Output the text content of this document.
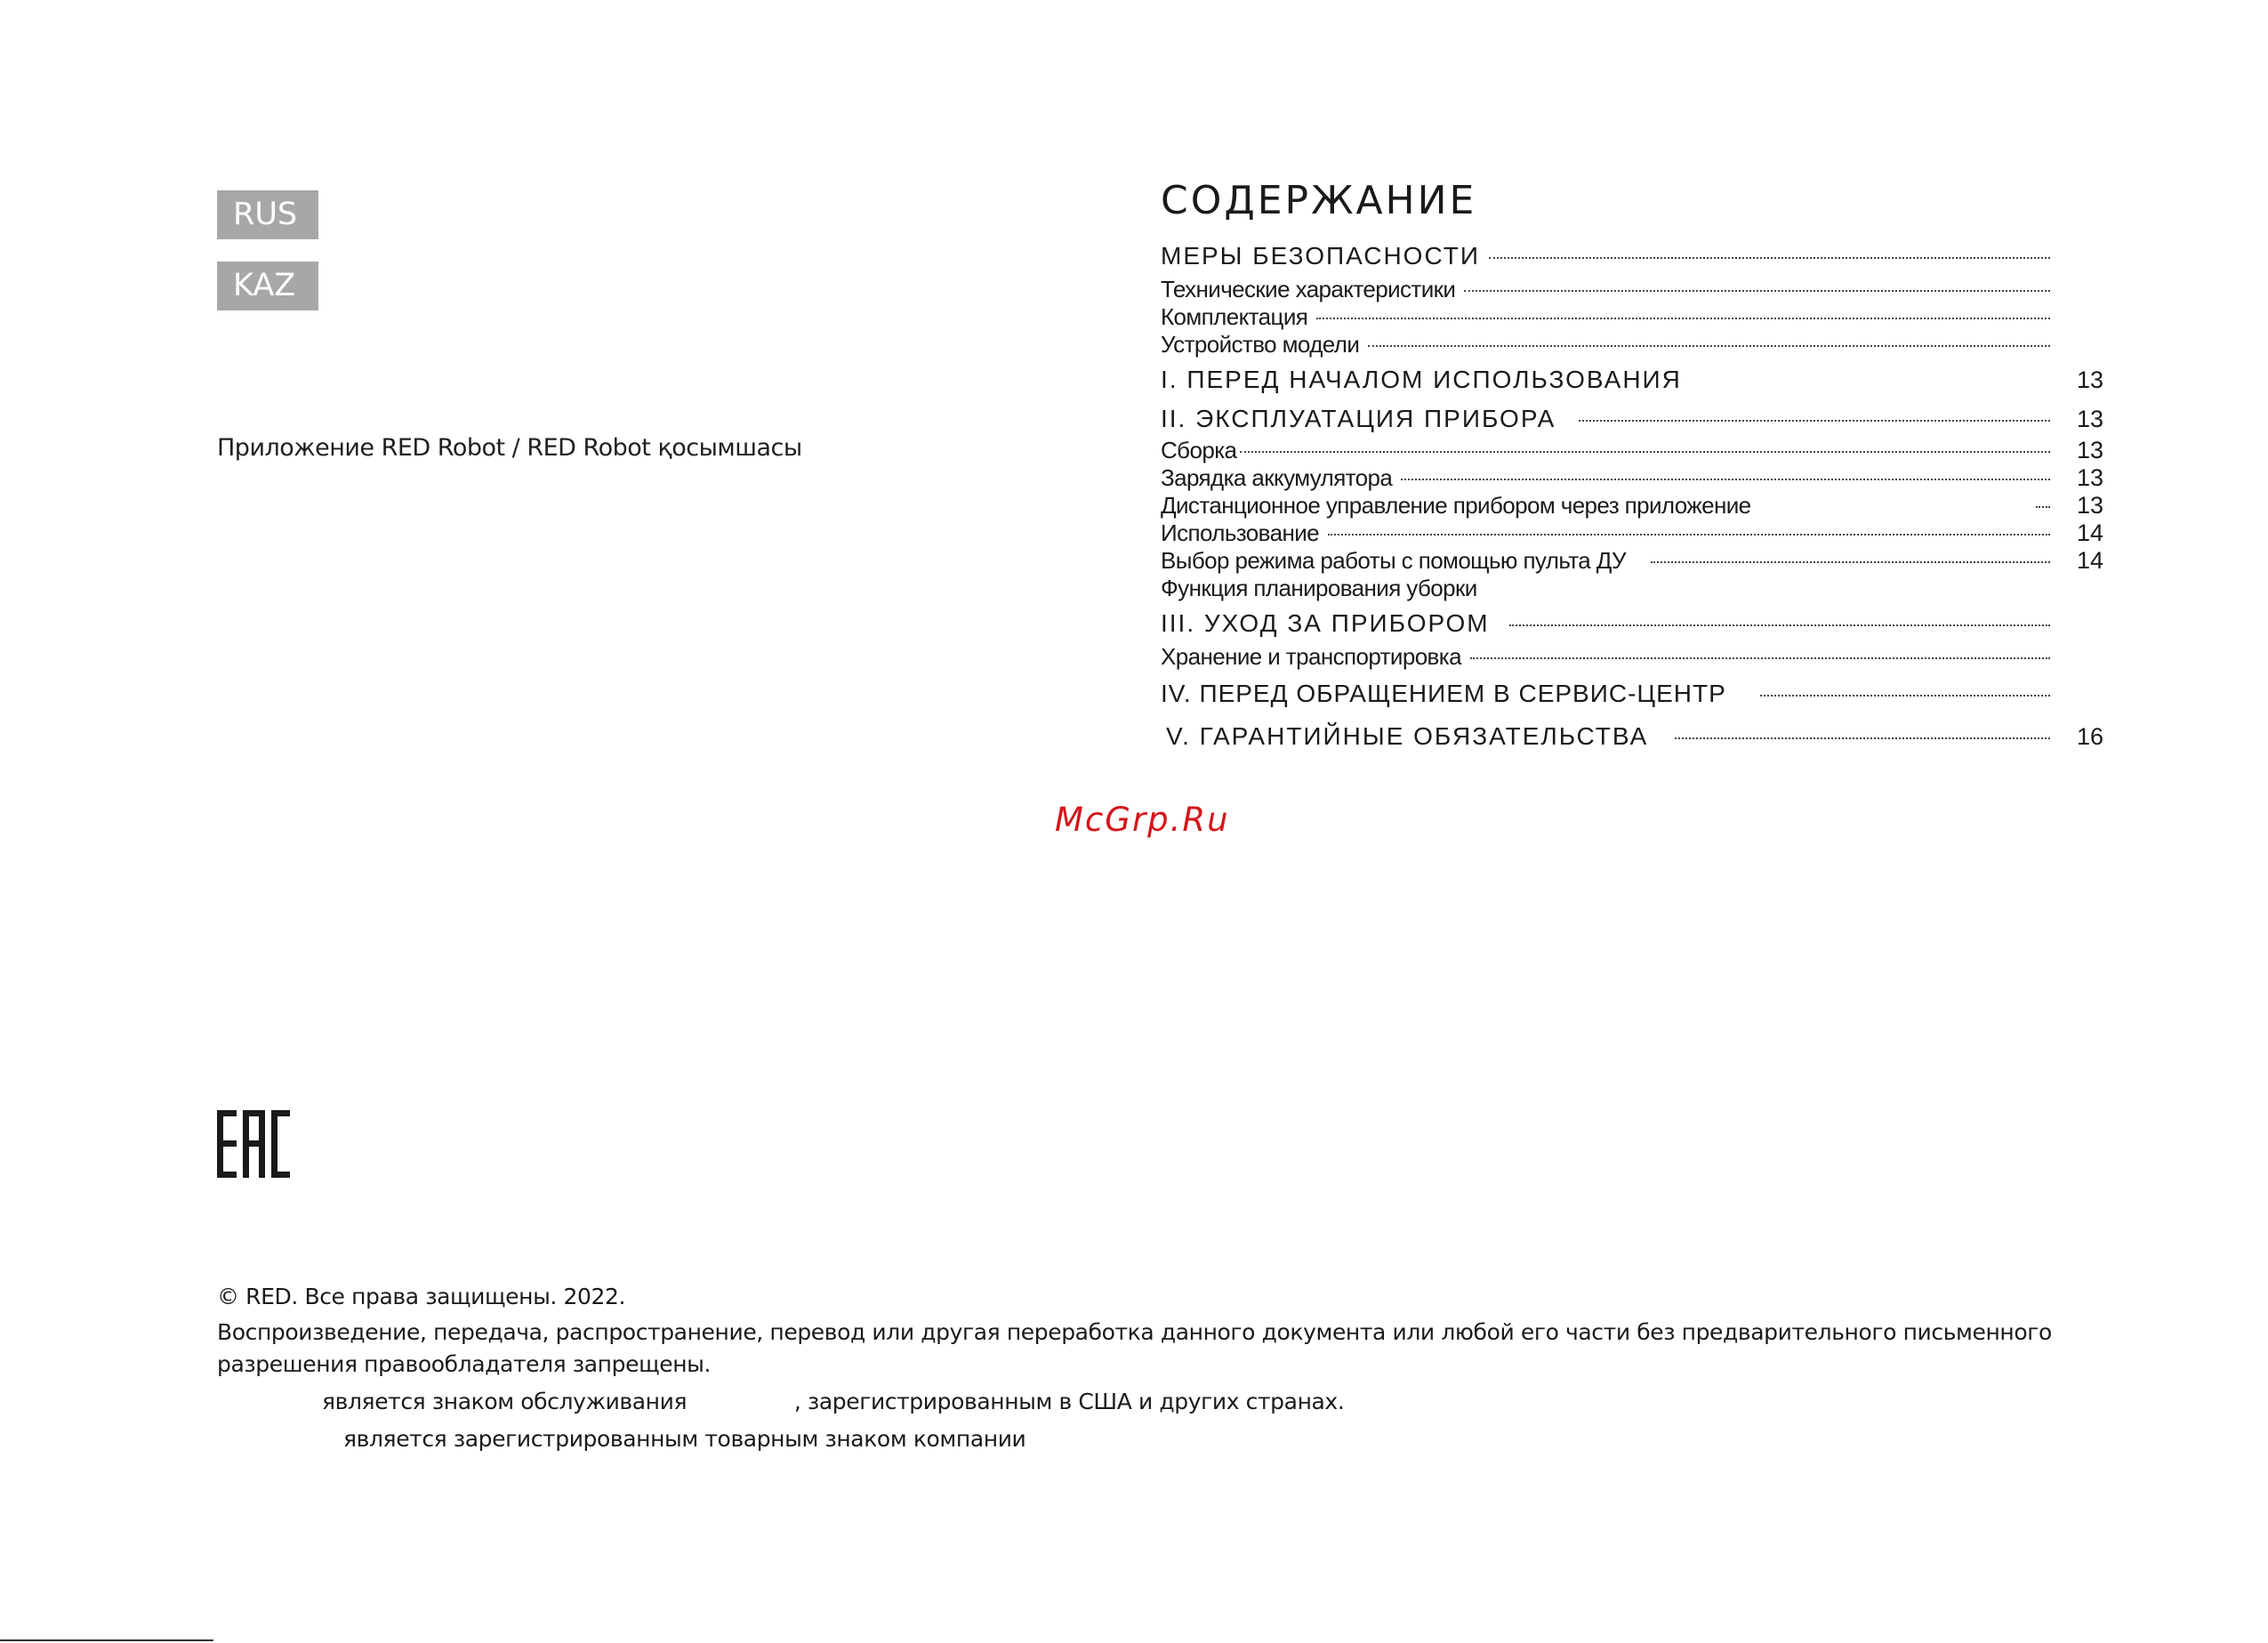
RUS
KAZ
Приложение RED Robot / RED Robot қосымшасы
СОДЕРЖАНИЕ
МЕРЫ БЕЗОПАСНОСТИ
Технические характеристики
Комплектация
Устройство модели
I. ПЕРЕД НАЧАЛОМ ИСПОЛЬЗОВАНИЯ	13
II. ЭКСПЛУАТАЦИЯ ПРИБОРА	13
Сборка	13
Зарядка аккумулятора	13
Дистанционное управление прибором через приложение	13
Использование	14
Выбор режима работы с помощью пульта ДУ	14
Функция планирования уборки
III. УХОД ЗА ПРИБОРОМ
Хранение и транспортировка
IV. ПЕРЕД ОБРАЩЕНИЕМ В СЕРВИС-ЦЕНТР
V. ГАРАНТИЙНЫЕ ОБЯЗАТЕЛЬСТВА	16
McGrp.Ru

© RED. Все права защищены. 2022.

Воспроизведение, передача, распространение, перевод или другая переработка данного документа или любой его части без предварительного письменного разрешения правообладателя запрещены.

является знаком обслуживания                , зарегистрированным в США и других странах.

является зарегистрированным товарным знаком компании
